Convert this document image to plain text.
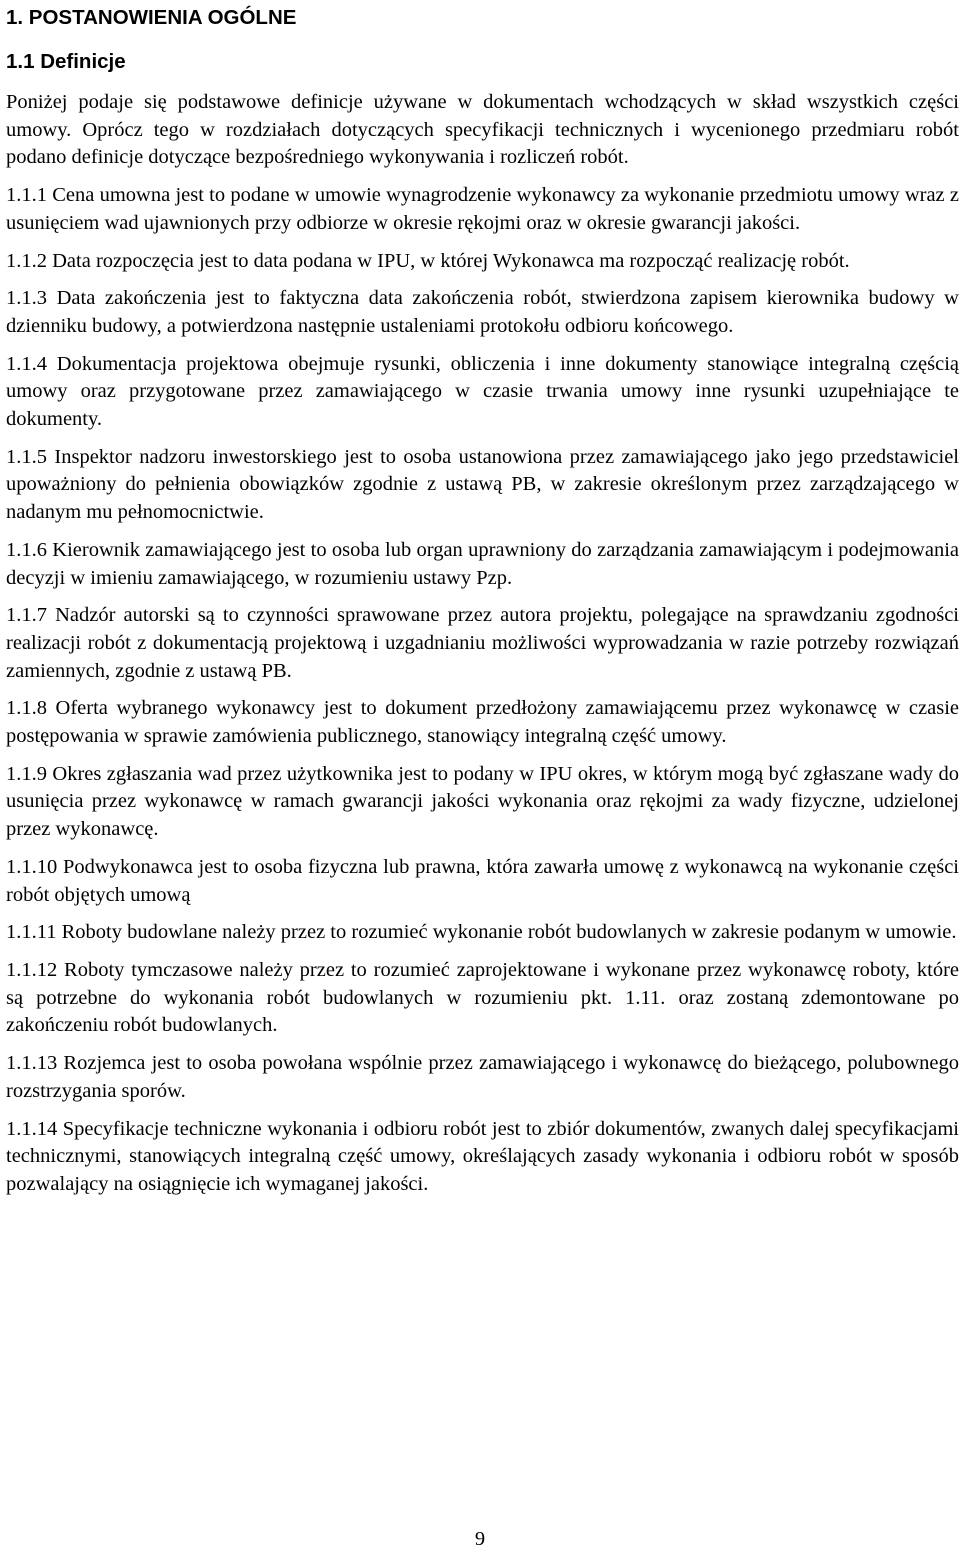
1. POSTANOWIENIA OGÓLNE
1.1 Definicje

Poniżej podaje się podstawowe definicje używane w dokumentach wchodzących w skład wszystkich części umowy. Oprócz tego w rozdziałach dotyczących specyfikacji technicznych i wycenionego przedmiaru robót podano definicje dotyczące bezpośredniego wykonywania i rozliczeń robót.

1.1.1 Cena umowna jest to podane w umowie wynagrodzenie wykonawcy za wykonanie przedmiotu umowy wraz z usunięciem wad ujawnionych przy odbiorze w okresie rękojmi oraz w okresie gwarancji jakości.

1.1.2 Data rozpoczęcia jest to data podana w IPU, w której Wykonawca ma rozpocząć realizację robót.

1.1.3 Data zakończenia jest to faktyczna data zakończenia robót, stwierdzona zapisem kierownika budowy w dzienniku budowy, a potwierdzona następnie ustaleniami protokołu odbioru końcowego.

1.1.4 Dokumentacja projektowa obejmuje rysunki, obliczenia i inne dokumenty stanowiące integralną częścią umowy oraz przygotowane przez zamawiającego w czasie trwania umowy inne rysunki uzupełniające te dokumenty.

1.1.5 Inspektor nadzoru inwestorskiego jest to osoba ustanowiona przez zamawiającego jako jego przedstawiciel upoważniony do pełnienia obowiązków zgodnie z ustawą PB, w zakresie określonym przez zarządzającego w nadanym mu pełnomocnictwie.

1.1.6 Kierownik zamawiającego jest to osoba lub organ uprawniony do zarządzania zamawiającym i podejmowania decyzji w imieniu zamawiającego, w rozumieniu ustawy Pzp.

1.1.7 Nadzór autorski są to czynności sprawowane przez autora projektu, polegające na sprawdzaniu zgodności realizacji robót z dokumentacją projektową i uzgadnianiu możliwości wyprowadzania w razie potrzeby rozwiązań zamiennych, zgodnie z ustawą PB.

1.1.8 Oferta wybranego wykonawcy jest to dokument przedłożony zamawiającemu przez wykonawcę w czasie postępowania w sprawie zamówienia publicznego, stanowiący integralną część umowy.

1.1.9 Okres zgłaszania wad przez użytkownika jest to podany w IPU okres, w którym mogą być zgłaszane wady do usunięcia przez wykonawcę w ramach gwarancji jakości wykonania oraz rękojmi za wady fizyczne, udzielonej przez wykonawcę.

1.1.10 Podwykonawca jest to osoba fizyczna lub prawna, która zawarła umowę z wykonawcą na wykonanie części robót objętych umową

1.1.11 Roboty budowlane należy przez to rozumieć wykonanie robót budowlanych w zakresie podanym w umowie.

1.1.12 Roboty tymczasowe należy przez to rozumieć zaprojektowane i wykonane przez wykonawcę roboty, które są potrzebne do wykonania robót budowlanych w rozumieniu pkt. 1.11. oraz zostaną zdemontowane po zakończeniu robót budowlanych.

1.1.13 Rozjemca jest to osoba powołana wspólnie przez zamawiającego i wykonawcę do bieżącego, polubownego rozstrzygania sporów.

1.1.14 Specyfikacje techniczne wykonania i odbioru robót jest to zbiór dokumentów, zwanych dalej specyfikacjami technicznymi, stanowiących integralną część umowy, określających zasady wykonania i odbioru robót w sposób pozwalający na osiągnięcie ich wymaganej jakości.

9
